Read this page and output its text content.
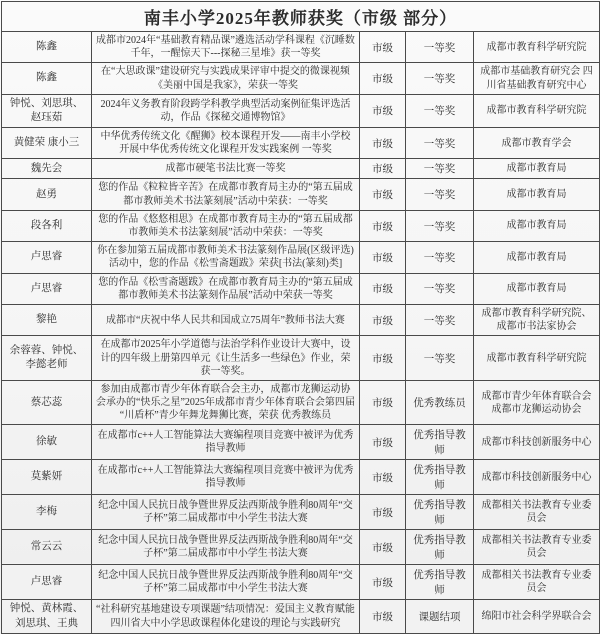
南丰小学2025年教师获奖（市级 部分）				
陈鑫	成都市2024年“基础教育精品课”遴选活动学科课程《沉睡数千年，一醒惊天下---探秘三星堆》获一等奖	市级	一等奖	成都市教育科学研究院
陈鑫	在“大思政课”建设研究与实践成果评审中提交的微课视频《美丽中国是我家》，荣获一等奖	市级	一等奖	成都市基础教育研究会 四川省基础教育研究中心
钟悦、刘思琪、赵珏茹	2024年义务教育阶段跨学科教学典型活动案例征集评选活动，作品《探秘交通博物馆》	市级	一等奖	成都市教育科学研究院
黄健荣 康小三	中华优秀传统文化《醒狮》校本课程开发——南丰小学校开展中华优秀传统文化课程开发实践案例 一等奖	市级	一等奖	成都市教育学会
魏先会	成都市硬笔书法比赛一等奖	市级	一等奖	成都市教育局
赵勇	您的作品《粒粒皆辛苦》在成都市教育局主办的“第五届成都市教师美术书法篆刻展”活动中荣获：一等奖	市级	一等奖	成都市教育局
段各利	您的作品《悠悠相思》在成都市教育局主办的“第五届成都市教师美术书法篆刻展”活动中荣获：一等奖	市级	一等奖	成都市教育局
卢思睿	你在参加第五届成都市教师美术书法篆刻作品展(区级评选)活动中，您的作品《松雪斋题跋》荣获[书法(篆刻)类]	市级	一等奖	成都市教育局
卢思睿	您的作品《松雪斋题跋》在成都市教育局主办的“第五届成都市教师美术书法篆刻作品展”活动中荣获一等奖	市级	一等奖	成都市教育局
黎艳	成都市“庆祝中华人民共和国成立75周年”教师书法大赛	市级	一等奖	成都市教育科学研究院、成都市书法家协会
余蓉蓉、钟悦、李懿老师	在成都市2025年小学道德与法治学科作业设计大赛中，设计的四年级上册第四单元《让生活多一些绿色》作业，荣获一等奖。	市级	一等奖	成都市教育科学研究院
蔡芯蕊	参加由成都市青少年体育联合会主办，成都市龙狮运动协会承办的“快乐之星”2025年成都市青少年体育联合会第四届“川盾杯”青少年舞龙舞狮比赛，荣获 优秀教练员	市级	优秀教练员	成都市青少年体育联合会 成都市龙狮运动协会
徐敏	在成都市c++人工智能算法大赛编程项目竞赛中被评为优秀指导教师	市级	优秀指导教师	成都市科技创新服务中心
莫紫妍	在成都市c++人工智能算法大赛编程项目竞赛中被评为优秀指导教师	市级	优秀指导教师	成都市科技创新服务中心
李梅	纪念中国人民抗日战争暨世界反法西斯战争胜利80周年“交子杯”第二届成都市中小学生书法大赛	市级	优秀指导教师	成都相关书法教育专业委员会
常云云	纪念中国人民抗日战争暨世界反法西斯战争胜利80周年“交子杯”第二届成都市中小学生书法大赛	市级	优秀指导教师	成都相关书法教育专业委员会
卢思睿	纪念中国人民抗日战争暨世界反法西斯战争胜利80周年“交子杯”第二届成都市中小学生书法大赛	市级	优秀指导教师	成都相关书法教育专业委员会
钟悦、黄林霞、刘思琪、王典	“社科研究基地建设专项课题”结项情况：爱国主义教育赋能四川省大中小学思政课程体化建设的理论与实践研究	市级	课题结项	绵阳市社会科学界联合会
